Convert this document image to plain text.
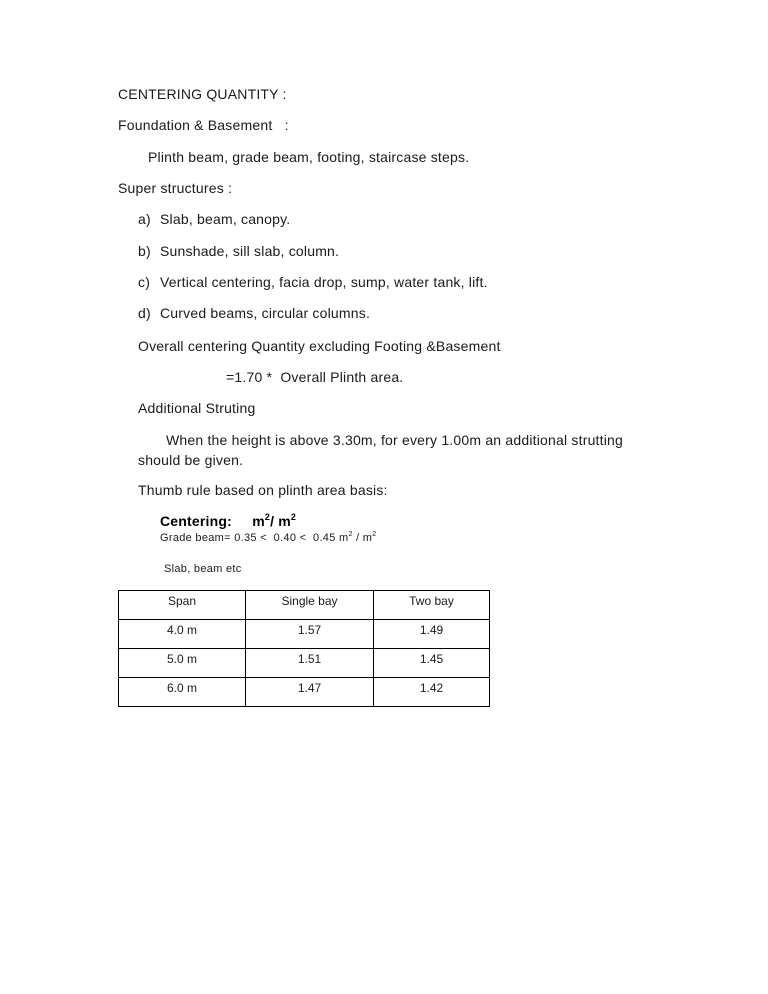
CENTERING QUANTITY :
Foundation & Basement   :
Plinth beam, grade beam, footing, staircase steps.
Super structures :
a) Slab, beam, canopy.
b) Sunshade, sill slab, column.
c) Vertical centering, facia drop, sump, water tank, lift.
d) Curved beams, circular columns.
Overall centering Quantity excluding Footing &Basement
=1.70 *  Overall Plinth area.
Additional Struting
When the height is above 3.30m, for every 1.00m an additional strutting should be given.
Thumb rule based on plinth area basis:
Centering: $m^2/$ $m^2$
Grade beam= 0.35 <  0.40 <  0.45 $m^2 / m^2$
Slab, beam etc
Span	Single bay	Two bay
4.0 m	1.57	1.49
5.0 m	1.51	1.45
6.0 m	1.47	1.42
